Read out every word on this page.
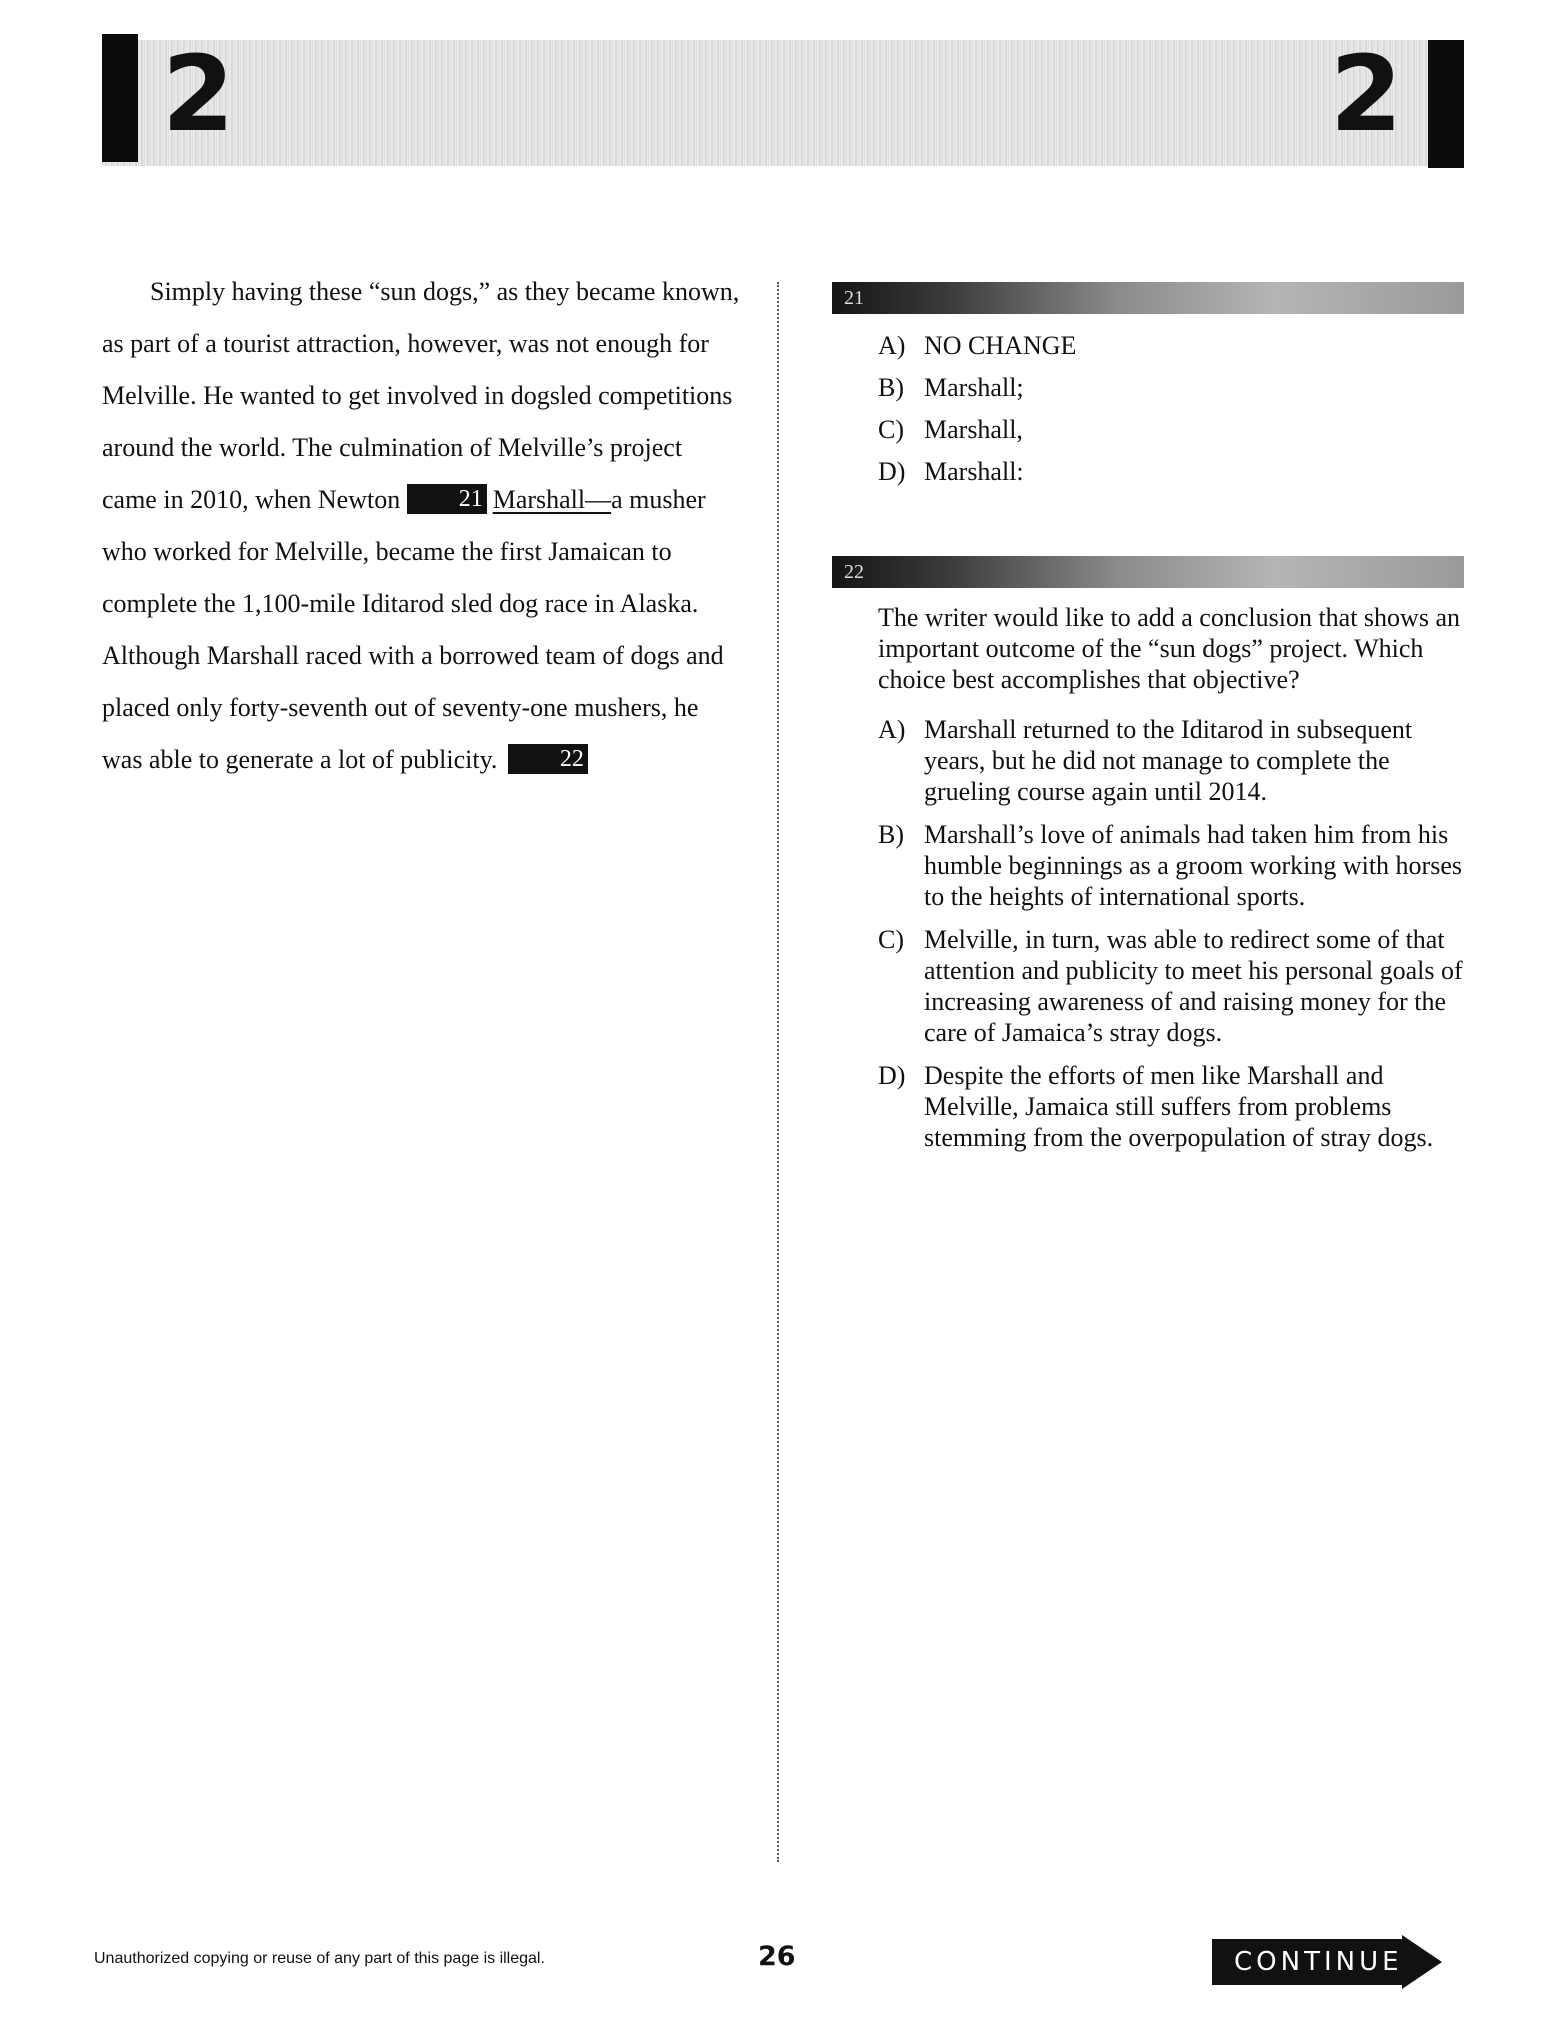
2	2

Simply having these “sun dogs,” as they became known, as part of a tourist attraction, however, was not enough for Melville. He wanted to get involved in dogsled competitions around the world. The culmination of Melville’s project came in 2010, when Newton 21 Marshall—a musher who worked for Melville, became the first Jamaican to complete the 1,100-mile Iditarod sled dog race in Alaska. Although Marshall raced with a borrowed team of dogs and placed only forty-seventh out of seventy-one mushers, he was able to generate a lot of publicity.	22

21
A) NO CHANGE
B) Marshall;
C) Marshall,
D) Marshall:
22
The writer would like to add a conclusion that shows an important outcome of the “sun dogs” project. Which choice best accomplishes that objective?
A) Marshall returned to the Iditarod in subsequent years, but he did not manage to complete the grueling course again until 2014.
B) Marshall’s love of animals had taken him from his humble beginnings as a groom working with horses to the heights of international sports.
C) Melville, in turn, was able to redirect some of that attention and publicity to meet his personal goals of increasing awareness of and raising money for the care of Jamaica’s stray dogs.
D) Despite the efforts of men like Marshall and Melville, Jamaica still suffers from problems stemming from the overpopulation of stray dogs.
Unauthorized copying or reuse of any part of this page is illegal.	26	CONTINUE
